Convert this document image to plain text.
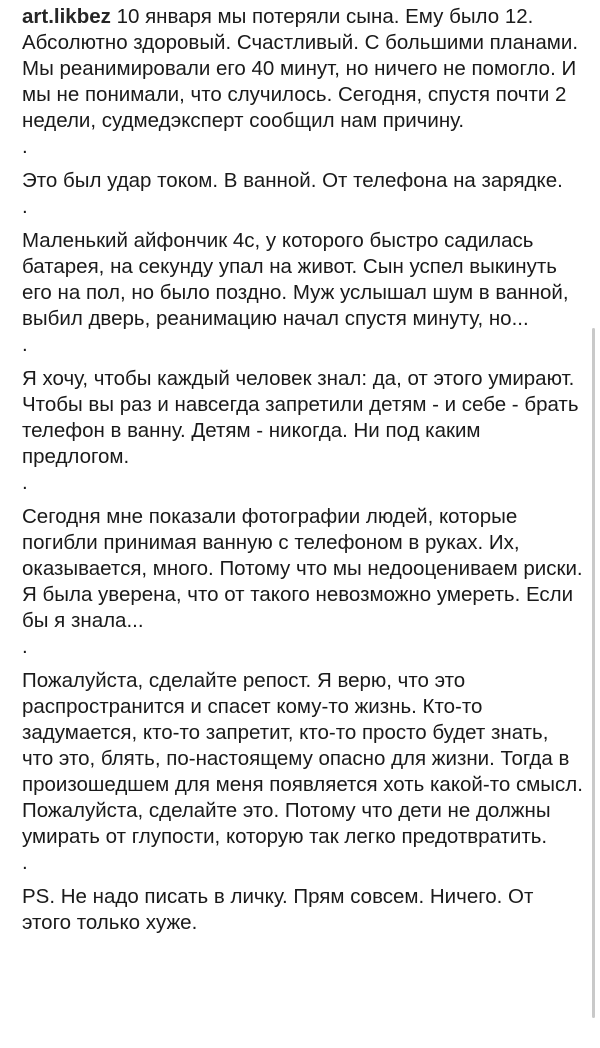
art.likbez 10 января мы потеряли сына. Ему было 12. Абсолютно здоровый. Счастливый. С большими планами. Мы реанимировали его 40 минут, но ничего не помогло. И мы не понимали, что случилось. Сегодня, спустя почти 2 недели, судмедэксперт сообщил нам причину.

.

Это был удар током. В ванной. От телефона на зарядке.

.

Маленький айфончик 4с, у которого быстро садилась батарея, на секунду упал на живот. Сын успел выкинуть его на пол, но было поздно. Муж услышал шум в ванной, выбил дверь, реанимацию начал спустя минуту, но...

.

Я хочу, чтобы каждый человек знал: да, от этого умирают. Чтобы вы раз и навсегда запретили детям - и себе - брать телефон в ванну. Детям - никогда. Ни под каким предлогом.

.

Сегодня мне показали фотографии людей, которые погибли принимая ванную с телефоном в руках. Их, оказывается, много. Потому что мы недооцениваем риски. Я была уверена, что от такого невозможно умереть. Если бы я знала...

.

Пожалуйста, сделайте репост. Я верю, что это распространится и спасет кому-то жизнь. Кто-то задумается, кто-то запретит, кто-то просто будет знать, что это, блять, по-настоящему опасно для жизни. Тогда в произошедшем для меня появляется хоть какой-то смысл. Пожалуйста, сделайте это. Потому что дети не должны умирать от глупости, которую так легко предотвратить.

.

PS. Не надо писать в личку. Прям совсем. Ничего. От этого только хуже.
